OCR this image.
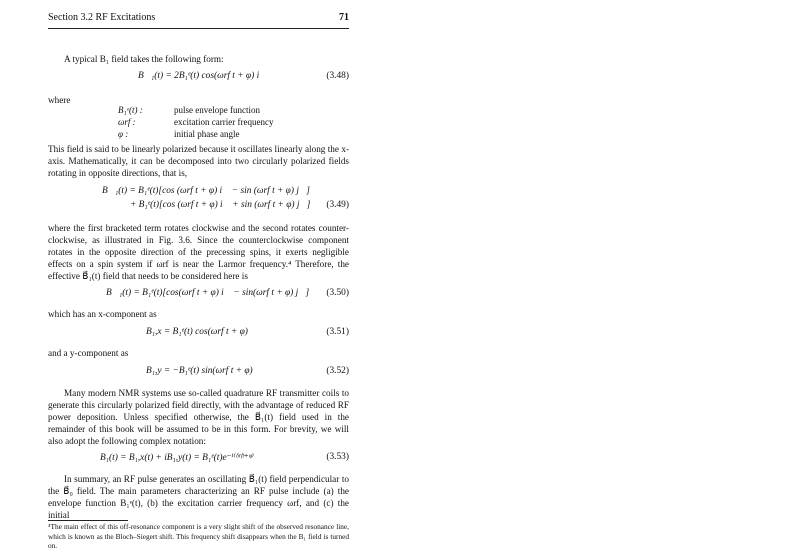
Section 3.2 RF Excitations	71
A typical B₁ field takes the following form:
B⃗₁(t) = 2B₁ᵉ(t) cos(ωrf t + φ) i⃗	(3.48)
where
B₁ᵉ(t) :	pulse envelope function
ωrf :	excitation carrier frequency
φ :	initial phase angle

This field is said to be linearly polarized because it oscillates linearly along the x-axis. Mathematically, it can be decomposed into two circularly polarized fields rotating in opposite directions, that is,

B⃗₁(t) = B₁ᵉ(t)[cos (ωrf t + φ) i⃗ − sin (ωrf t + φ) j⃗]
+ B₁ᵉ(t)[cos (ωrf t + φ) i⃗ + sin (ωrf t + φ) j⃗] (3.49)

where the first bracketed term rotates clockwise and the second rotates counter-clockwise, as illustrated in Fig. 3.6. Since the counterclockwise component rotates in the opposite direction of the precessing spins, it exerts negligible effects on a spin system if ωrf is near the Larmor frequency.⁴ Therefore, the effective B⃗₁(t) field that needs to be considered here is

B⃗₁(t) = B₁ᵉ(t)[cos(ωrf t + φ) i⃗ − sin(ωrf t + φ) j⃗] (3.50)
which has an x-component as
B₁,x = B₁ᵉ(t) cos(ωrf t + φ)	(3.51)
and a y-component as
B₁,y = −B₁ᵉ(t) sin(ωrf t + φ)	(3.52)

Many modern NMR systems use so-called quadrature RF transmitter coils to generate this circularly polarized field directly, with the advantage of reduced RF power deposition. Unless specified otherwise, the B⃗₁(t) field used in the remainder of this book will be assumed to be in this form. For brevity, we will also adopt the following complex notation:

B₁(t) = B₁,x(t) + iB₁,y(t) = B₁ᵉ(t)e⁻ⁱ⁽ᵟʳᶠᵗ⁺ᵠ⁾	(3.53)

In summary, an RF pulse generates an oscillating B⃗₁(t) field perpendicular to the B⃗₀ field. The main parameters characterizing an RF pulse include (a) the envelope function B₁ᵉ(t), (b) the excitation carrier frequency ωrf, and (c) the initial

⁴The main effect of this off-resonance component is a very slight shift of the observed resonance line, which is known as the Bloch–Siegert shift. This frequency shift disappears when the B₁ field is turned on.
